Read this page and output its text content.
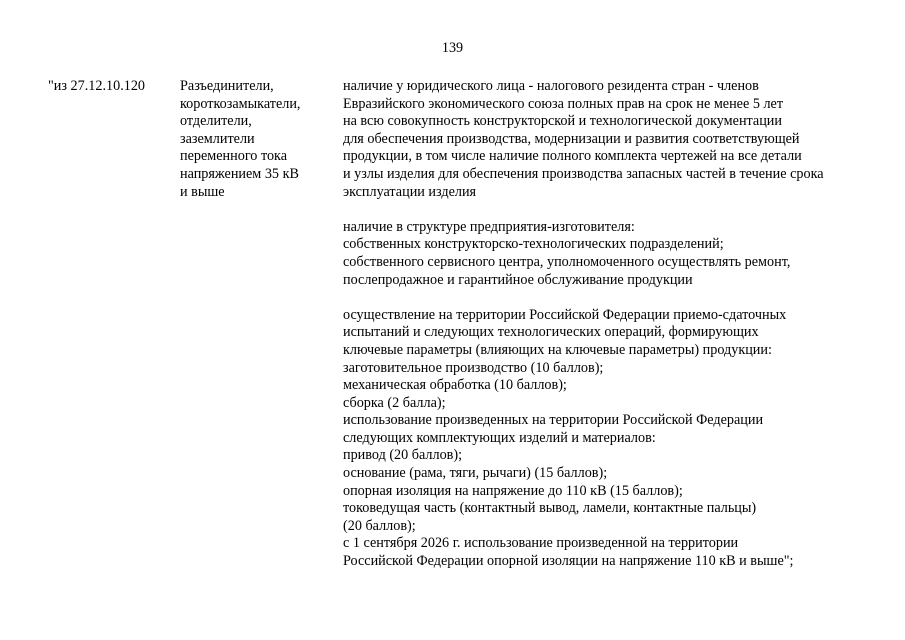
139
"из 27.12.10.120	Разъединители,
короткозамыкатели,
отделители,
заземлители
переменного тока
напряжением 35 кВ
и выше
наличие у юридического лица - налогового резидента стран - членов
Евразийского экономического союза полных прав на срок не менее 5 лет
на всю совокупность конструкторской и технологической документации
для обеспечения производства, модернизации и развития соответствующей
продукции, в том числе наличие полного комплекта чертежей на все детали
и узлы изделия для обеспечения производства запасных частей в течение срока
эксплуатации изделия
наличие в структуре предприятия-изготовителя:
собственных конструкторско-технологических подразделений;
собственного сервисного центра, уполномоченного осуществлять ремонт,
послепродажное и гарантийное обслуживание продукции
осуществление на территории Российской Федерации приемо-сдаточных
испытаний и следующих технологических операций, формирующих
ключевые параметры (влияющих на ключевые параметры) продукции:
заготовительное производство (10 баллов);
механическая обработка (10 баллов);
сборка (2 балла);
использование произведенных на территории Российской Федерации
следующих комплектующих изделий и материалов:
привод (20 баллов);
основание (рама, тяги, рычаги) (15 баллов);
опорная изоляция на напряжение до 110 кВ (15 баллов);
токоведущая часть (контактный вывод, ламели, контактные пальцы)
(20 баллов);
с 1 сентября 2026 г. использование произведенной на территории
Российской Федерации опорной изоляции на напряжение 110 кВ и выше";
